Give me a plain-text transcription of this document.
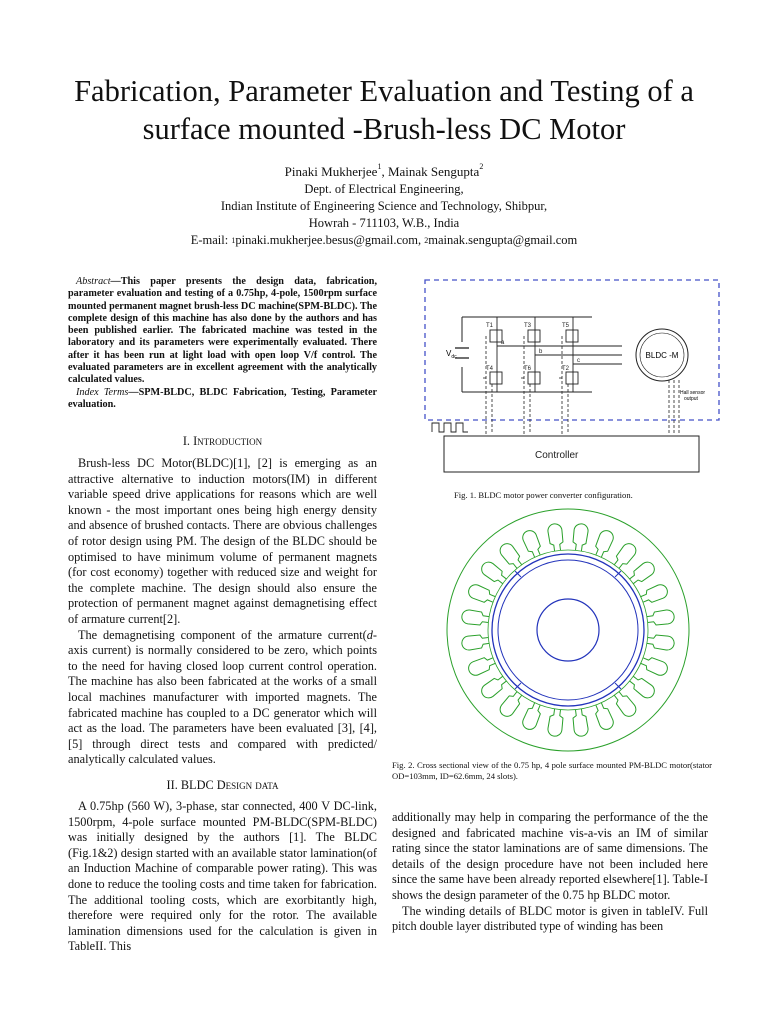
Fabrication, Parameter Evaluation and Testing of a surface mounted -Brush-less DC Motor
Pinaki Mukherjee$^1$, Mainak Sengupta$^2$
Dept. of Electrical Engineering,
Indian Institute of Engineering Science and Technology, Shibpur,
Howrah - 711103, W.B., India
E-mail: $^1$pinaki.mukherjee.besus@gmail.com, $^2$mainak.sengupta@gmail.com

Abstract—This paper presents the design data, fabrication, parameter evaluation and testing of a 0.75hp, 4-pole, 1500rpm surface mounted permanent magnet brush-less DC machine(SPM-BLDC). The complete design of this machine has also done by the authors and has been published earlier. The fabricated machine was tested in the laboratory and its parameters were experimentally evaluated. There after it has been run at light load with open loop V/f control. The evaluated parameters are in excellent agreement with the analytically calculated values.

Index Terms—SPM-BLDC, BLDC Fabrication, Testing, Parameter evaluation.

I. Introduction

Brush-less DC Motor(BLDC)[1], [2] is emerging as an attractive alternative to induction motors(IM) in different variable speed drive applications for reasons which are well known - the most important ones being high energy density and absence of brushed contacts. There are obvious challenges of rotor design using PM. The design of the BLDC should be optimised to have minimum volume of permanent magnets (for cost economy) together with reduced size and weight for the complete machine. The design should also ensure the protection of permanent magnet against demagnetising effect of armature current[2].

The demagnetising component of the armature current(d-axis current) is normally considered to be zero, which points to the need for having closed loop current control operation. The machine has also been fabricated at the works of a small local machines manufacturer with imported magnets. The fabricated machine has coupled to a DC generator which will act as the load. The parameters have been evaluated [3], [4], [5] through direct tests and compared with predicted/ analytically calculated values.

II. BLDC Design data

A 0.75hp (560 W), 3-phase, star connected, 400 V DC-link, 1500rpm, 4-pole surface mounted PM-BLDC(SPM-BLDC) was initially designed by the authors [1]. The BLDC (Fig.1&2) design started with an available stator lamination(of an Induction Machine of comparable power rating). This was done to reduce the tooling costs and time taken for fabrication. The additional tooling costs, which are exorbitantly high, therefore were required only for the rotor. The available lamination dimensions used for the calculation is given in TableII. This

$V_{dc}$
T1	T3	T5
T4	T6	T2
a
b
c
BLDC -M
Hall sensor
output
Controller
Fig. 1. BLDC motor power converter configuration.
Fig. 2. Cross sectional view of the 0.75 hp, 4 pole surface mounted PM-BLDC motor(stator OD=103mm, ID=62.6mm, 24 slots).

additionally may help in comparing the performance of the the designed and fabricated machine vis-a-vis an IM of similar rating since the stator laminations are of same dimensions. The details of the design procedure have not been included here since the same have been already reported elsewhere[1]. Table-I shows the design parameter of the 0.75 hp BLDC motor.

The winding details of BLDC motor is given in tableIV. Full pitch double layer distributed type of winding has been
